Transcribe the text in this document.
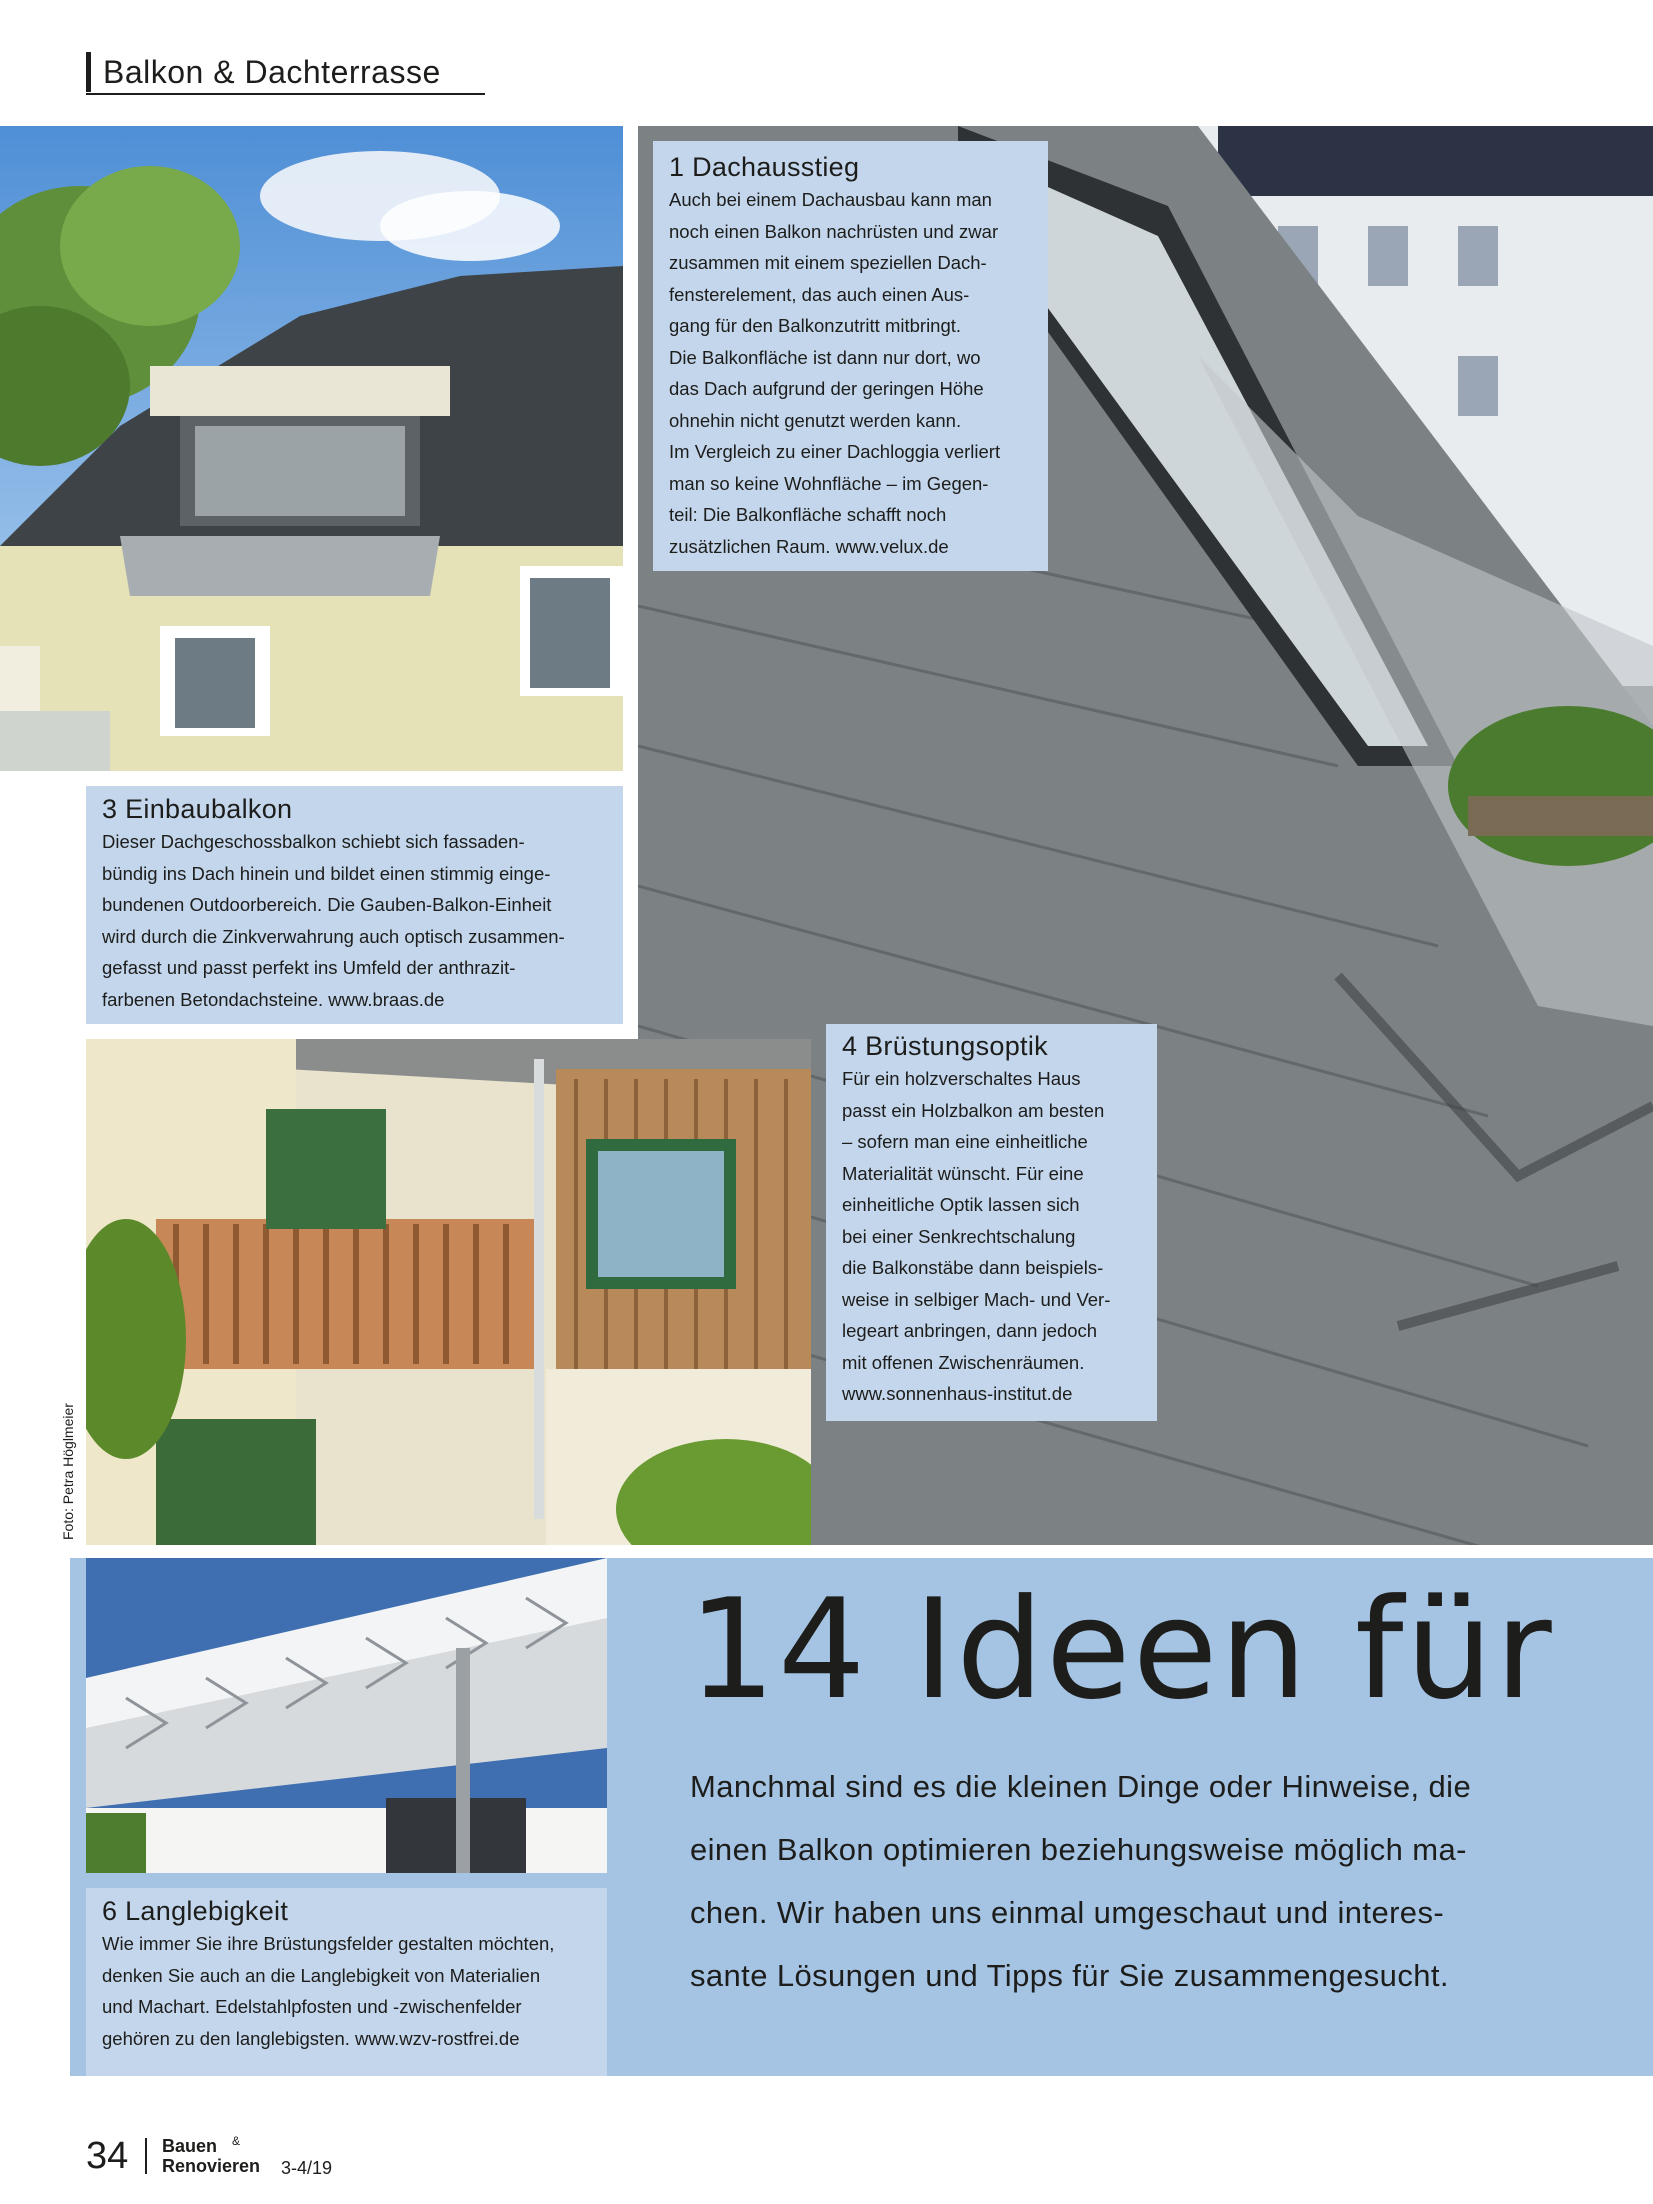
Balkon & Dachterrasse
1 Dachausstieg
Auch bei einem Dachausbau kann man
noch einen Balkon nachrüsten und zwar
zusammen mit einem speziellen Dach-
fensterelement, das auch einen Aus-
gang für den Balkonzutritt mitbringt.
Die Balkonfläche ist dann nur dort, wo
das Dach aufgrund der geringen Höhe
ohnehin nicht genutzt werden kann.
Im Vergleich zu einer Dachloggia verliert
man so keine Wohnfläche – im Gegen-
teil: Die Balkonfläche schafft noch
zusätzlichen Raum. www.velux.de
3 Einbaubalkon
Dieser Dachgeschossbalkon schiebt sich fassaden-
bündig ins Dach hinein und bildet einen stimmig einge-
bundenen Outdoorbereich. Die Gauben-Balkon-Einheit
wird durch die Zinkverwahrung auch optisch zusammen-
gefasst und passt perfekt ins Umfeld der anthrazit-
farbenen Betondachsteine. www.braas.de
4 Brüstungsoptik
Für ein holzverschaltes Haus
passt ein Holzbalkon am besten
– sofern man eine einheitliche
Materialität wünscht. Für eine
einheitliche Optik lassen sich
bei einer Senkrechtschalung
die Balkonstäbe dann beispiels-
weise in selbiger Mach- und Ver-
legeart anbringen, dann jedoch
mit offenen Zwischenräumen.
www.sonnenhaus-institut.de
Foto: Petra Höglmeier
6 Langlebigkeit
Wie immer Sie ihre Brüstungsfelder gestalten möchten,
denken Sie auch an die Langlebigkeit von Materialien
und Machart. Edelstahlpfosten und -zwischenfelder
gehören zu den langlebigsten. www.wzv-rostfrei.de
14 Ideen für
Manchmal sind es die kleinen Dinge oder Hinweise, die
einen Balkon optimieren beziehungsweise möglich ma-
chen. Wir haben uns einmal umgeschaut und interes-
sante Lösungen und Tipps für Sie zusammengesucht.
34 Bauen &
Renovieren 3-4/19
